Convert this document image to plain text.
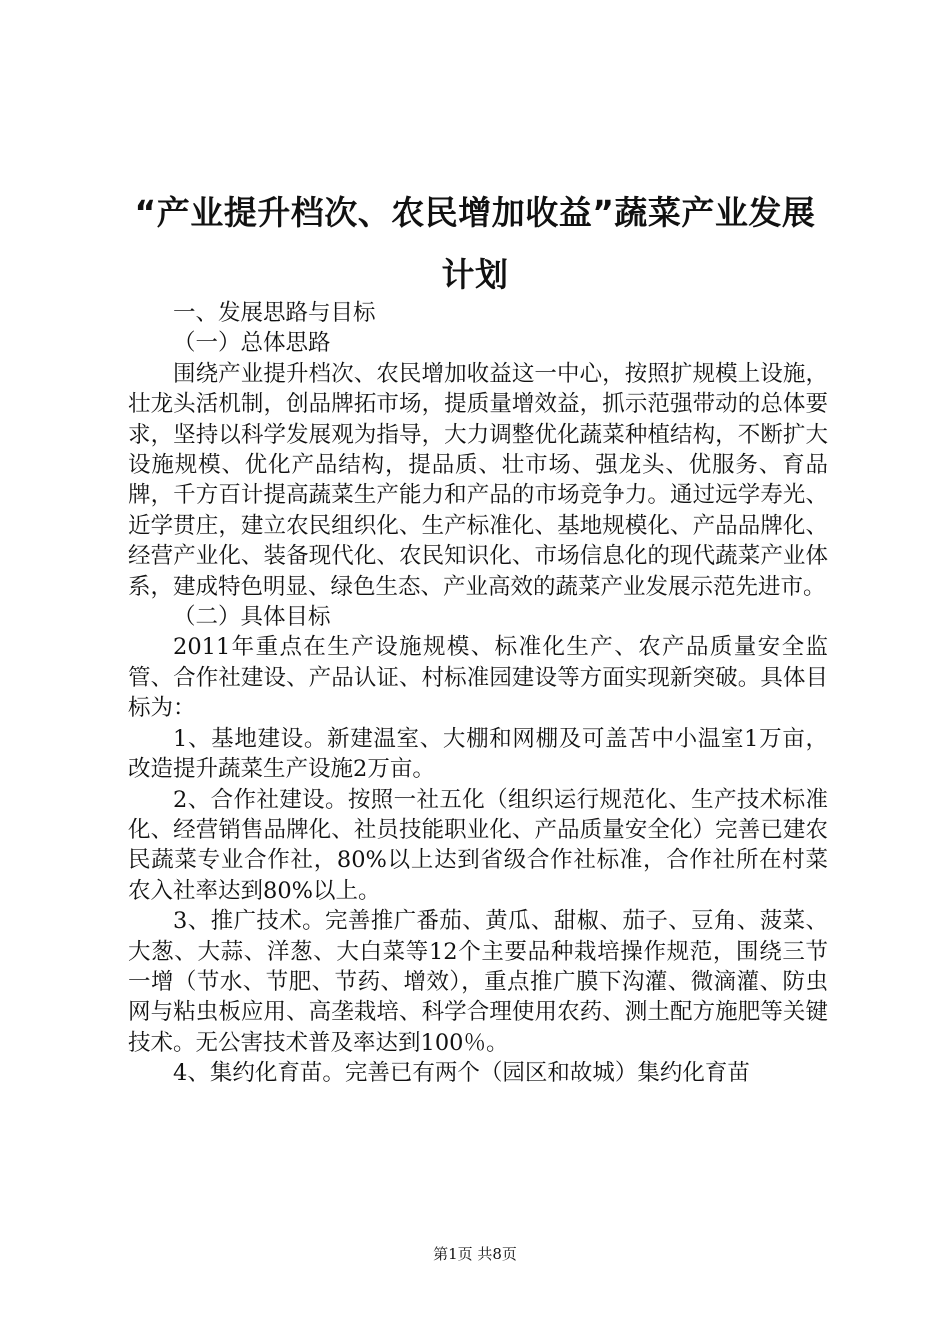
“产业提升档次、农民增加收益”蔬菜产业发展计划

一、发展思路与目标

（一）总体思路

围绕产业提升档次、农民增加收益这一中心，按照扩规模上设施，壮龙头活机制，创品牌拓市场，提质量增效益，抓示范强带动的总体要求，坚持以科学发展观为指导，大力调整优化蔬菜种植结构，不断扩大设施规模、优化产品结构，提品质、壮市场、强龙头、优服务、育品牌，千方百计提高蔬菜生产能力和产品的市场竞争力。通过远学寿光、近学贯庄，建立农民组织化、生产标准化、基地规模化、产品品牌化、经营产业化、装备现代化、农民知识化、市场信息化的现代蔬菜产业体系，建成特色明显、绿色生态、产业高效的蔬菜产业发展示范先进市。

（二）具体目标

2011年重点在生产设施规模、标准化生产、农产品质量安全监管、合作社建设、产品认证、村标准园建设等方面实现新突破。具体目标为：

1、基地建设。新建温室、大棚和网棚及可盖苫中小温室1万亩，改造提升蔬菜生产设施2万亩。

2、合作社建设。按照一社五化（组织运行规范化、生产技术标准化、经营销售品牌化、社员技能职业化、产品质量安全化）完善已建农民蔬菜专业合作社，80%以上达到省级合作社标准，合作社所在村菜农入社率达到80%以上。

3、推广技术。完善推广番茄、黄瓜、甜椒、茄子、豆角、菠菜、大葱、大蒜、洋葱、大白菜等12个主要品种栽培操作规范，围绕三节一增（节水、节肥、节药、增效），重点推广膜下沟灌、微滴灌、防虫网与粘虫板应用、高垄栽培、科学合理使用农药、测土配方施肥等关键技术。无公害技术普及率达到100％。

4、集约化育苗。完善已有两个（园区和故城）集约化育苗

第1页 共8页
